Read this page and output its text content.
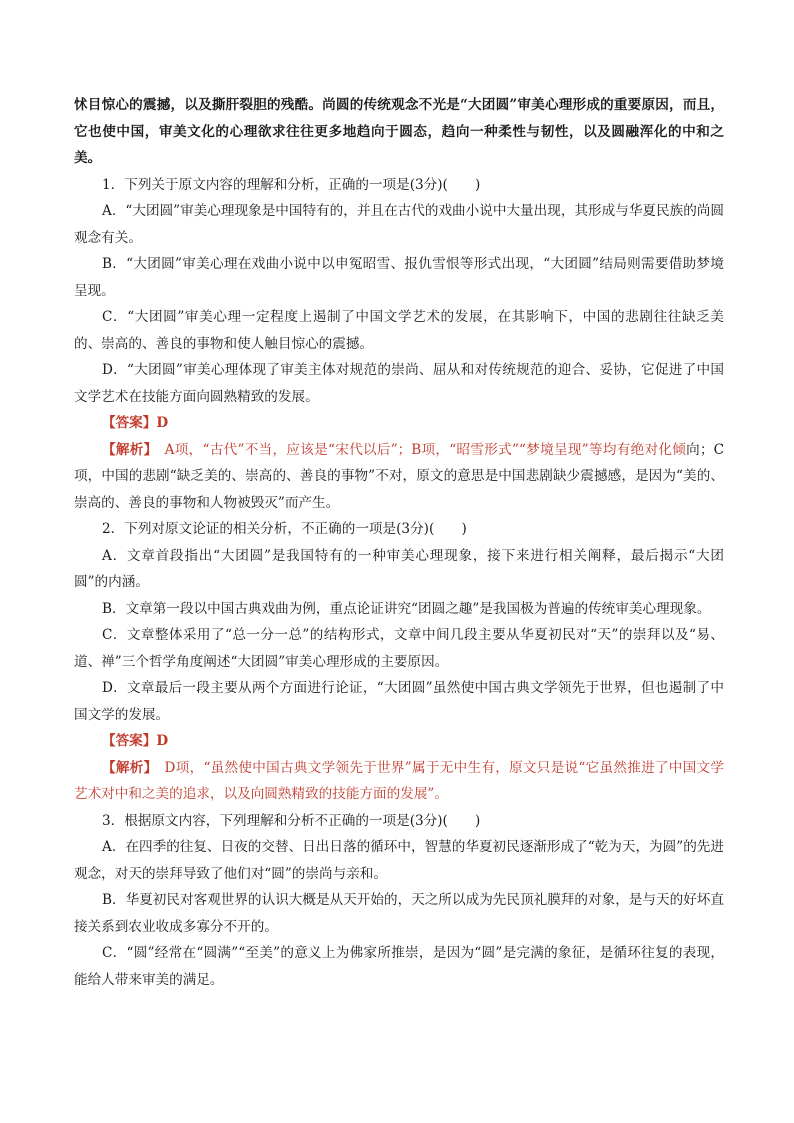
怵目惊心的震撼，以及撕肝裂胆的残酷。尚圆的传统观念不光是“大团圆”审美心理形成的重要原因，而且，它也使中国，审美文化的心理欲求往往更多地趋向于圆态，趋向一种柔性与韧性，以及圆融浑化的中和之美。

1．下列关于原文内容的理解和分析，正确的一项是(3分)(　　)

A．“大团圆”审美心理现象是中国特有的，并且在古代的戏曲小说中大量出现，其形成与华夏民族的尚圆观念有关。

B．“大团圆”审美心理在戏曲小说中以申冤昭雪、报仇雪恨等形式出现，“大团圆”结局则需要借助梦境呈现。

C．“大团圆”审美心理一定程度上遏制了中国文学艺术的发展，在其影响下，中国的悲剧往往缺乏美的、崇高的、善良的事物和使人触目惊心的震撼。

D．“大团圆”审美心理体现了审美主体对规范的崇尚、屈从和对传统规范的迎合、妥协，它促进了中国文学艺术在技能方面向圆熟精致的发展。

【答案】D

【解析】　A项，“古代”不当，应该是“宋代以后”；B项，“昭雪形式”“梦境呈现”等均有绝对化倾向；C项，中国的悲剧“缺乏美的、崇高的、善良的事物”不对，原文的意思是中国悲剧缺少震撼感，是因为“美的、崇高的、善良的事物和人物被毁灭”而产生。

2．下列对原文论证的相关分析，不正确的一项是(3分)(　　)

A．文章首段指出“大团圆”是我国特有的一种审美心理现象，接下来进行相关阐释，最后揭示“大团圆”的内涵。

B．文章第一段以中国古典戏曲为例，重点论证讲究“团圆之趣”是我国极为普遍的传统审美心理现象。

C．文章整体采用了“总一分一总”的结构形式，文章中间几段主要从华夏初民对“天”的崇拜以及“易、道、禅”三个哲学角度阐述“大团圆”审美心理形成的主要原因。

D．文章最后一段主要从两个方面进行论证，“大团圆”虽然使中国古典文学领先于世界，但也遏制了中国文学的发展。

【答案】D

【解析】　D项，“虽然使中国古典文学领先于世界”属于无中生有，原文只是说“它虽然推进了中国文学艺术对中和之美的追求，以及向圆熟精致的技能方面的发展”。

3．根据原文内容，下列理解和分析不正确的一项是(3分)(　　)

A．在四季的往复、日夜的交替、日出日落的循环中，智慧的华夏初民逐渐形成了“乾为天，为圆”的先进观念，对天的崇拜导致了他们对“圆”的崇尚与亲和。

B．华夏初民对客观世界的认识大概是从天开始的，天之所以成为先民顶礼膜拜的对象，是与天的好坏直接关系到农业收成多寡分不开的。

C．“圆”经常在“圆满”“至美”的意义上为佛家所推崇，是因为“圆”是完满的象征，是循环往复的表现，能给人带来审美的满足。
